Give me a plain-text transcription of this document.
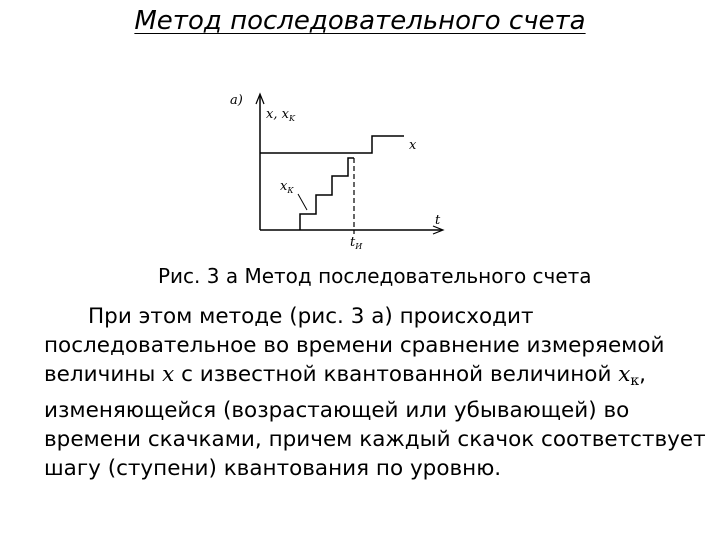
Метод последовательного счета
а)
x, $x_K$
t
x
$x_К$
$t_И$
Рис. 3 а Метод последовательного счета

При этом методе (рис. 3 а) происходит последовательное во времени сравнение измеряемой величины x с известной квантованной величиной $x_к$, изменяющейся (возрастающей или убывающей) во времени скачками, причем каждый скачок соответствует шагу (ступени) квантования по уровню.
